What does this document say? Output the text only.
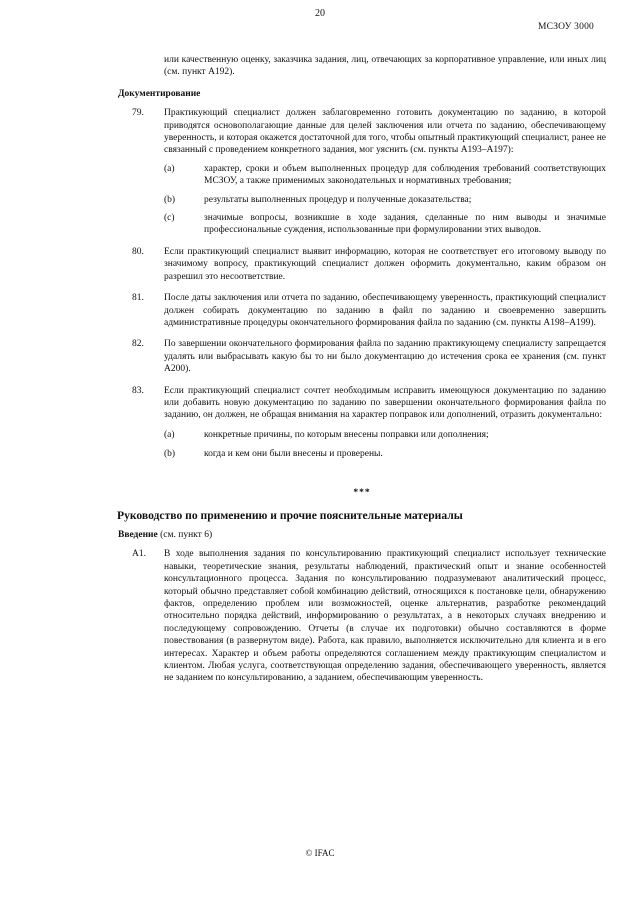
20
МСЗОУ 3000
или качественную оценку, заказчика задания, лиц, отвечающих за корпоративное управление, или иных лиц (см. пункт А192).
Документирование
79. Практикующий специалист должен заблаговременно готовить документацию по заданию, в которой приводятся основополагающие данные для целей заключения или отчета по заданию, обеспечивающему уверенность, и которая окажется достаточной для того, чтобы опытный практикующий специалист, ранее не связанный с проведением конкретного задания, мог уяснить (см. пункты А193–А197):
(a)	характер, сроки и объем выполненных процедур для соблюдения требований соответствующих МСЗОУ, а также применимых законодательных и нормативных требования;
(b)	результаты выполненных процедур и полученные доказательства;
(c)	значимые вопросы, возникшие в ходе задания, сделанные по ним выводы и значимые профессиональные суждения, использованные при формулировании этих выводов.
80. Если практикующий специалист выявит информацию, которая не соответствует его итоговому выводу по значимому вопросу, практикующий специалист должен оформить документально, каким образом он разрешил это несоответствие.
81. После даты заключения или отчета по заданию, обеспечивающему уверенность, практикующий специалист должен собирать документацию по заданию в файл по заданию и своевременно завершить административные процедуры окончательного формирования файла по заданию (см. пункты А198–А199).
82. По завершении окончательного формирования файла по заданию практикующему специалисту запрещается удалять или выбрасывать какую бы то ни было документацию до истечения срока ее хранения (см. пункт А200).
83. Если практикующий специалист сочтет необходимым исправить имеющуюся документацию по заданию или добавить новую документацию по заданию по завершении окончательного формирования файла по заданию, он должен, не обращая внимания на характер поправок или дополнений, отразить документально:
(a)	конкретные причины, по которым внесены поправки или дополнения;
(b)	когда и кем они были внесены и проверены.
***
Руководство по применению и прочие пояснительные материалы
Введение (см. пункт 6)
A1. В ходе выполнения задания по консультированию практикующий специалист использует технические навыки, теоретические знания, результаты наблюдений, практический опыт и знание особенностей консультационного процесса. Задания по консультированию подразумевают аналитический процесс, который обычно представляет собой комбинацию действий, относящихся к постановке цели, обнаружению фактов, определению проблем или возможностей, оценке альтернатив, разработке рекомендаций относительно порядка действий, информированию о результатах, а в некоторых случаях внедрению и последующему сопровождению. Отчеты (в случае их подготовки) обычно составляются в форме повествования (в развернутом виде). Работа, как правило, выполняется исключительно для клиента и в его интересах. Характер и объем работы определяются соглашением между практикующим специалистом и клиентом. Любая услуга, соответствующая определению задания, обеспечивающего уверенность, является не заданием по консультированию, а заданием, обеспечивающим уверенность.
© IFAC
